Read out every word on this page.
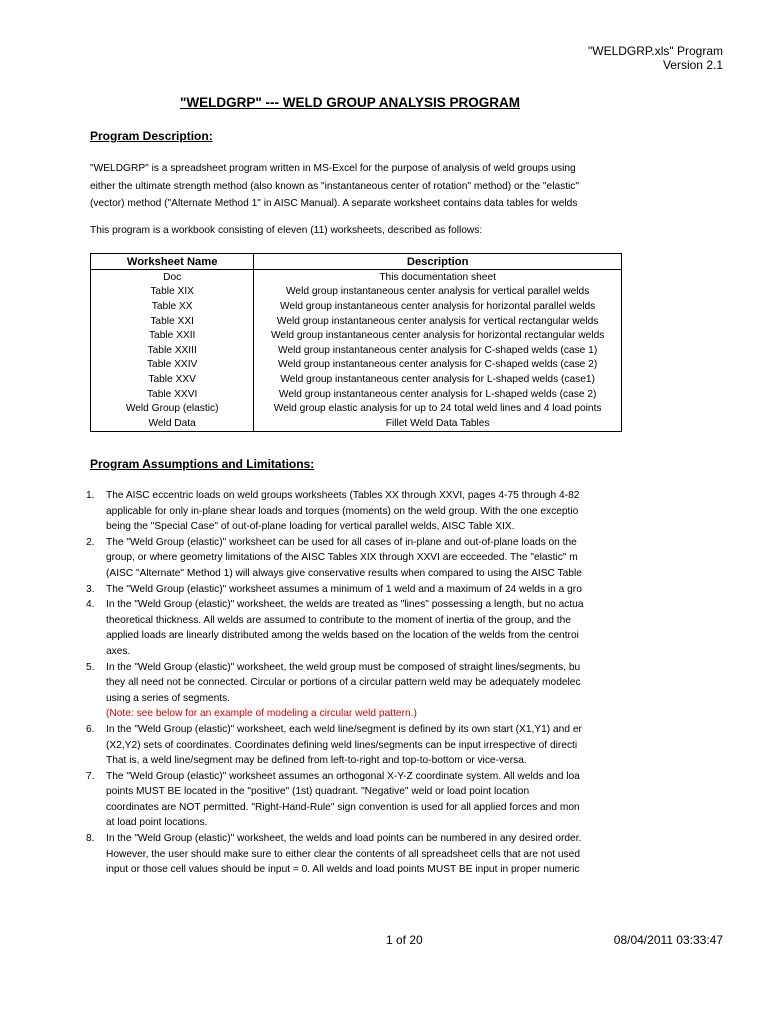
"WELDGRP.xls" Program
Version 2.1
"WELDGRP" --- WELD GROUP ANALYSIS PROGRAM
Program Description:
"WELDGRP" is a spreadsheet program written in MS-Excel for the purpose of analysis of weld groups using
either the ultimate strength method (also known as "instantaneous center of rotation" method) or the "elastic"
(vector) method ("Alternate Method 1" in AISC Manual). A separate worksheet contains data tables for welds
This program is a workbook consisting of eleven (11) worksheets, described as follows:
Worksheet Name	Description
Doc	This documentation sheet
Table XIX	Weld group instantaneous center analysis for vertical parallel welds
Table XX	Weld group instantaneous center analysis for horizontal parallel welds
Table XXI	Weld group instantaneous center analysis for vertical rectangular welds
Table XXII	Weld group instantaneous center analysis for horizontal rectangular welds
Table XXIII	Weld group instantaneous center analysis for C-shaped welds (case 1)
Table XXIV	Weld group instantaneous center analysis for C-shaped welds (case 2)
Table XXV	Weld group instantaneous center analysis for L-shaped welds (case1)
Table XXVI	Weld group instantaneous center analysis for L-shaped welds (case 2)
Weld Group (elastic)	Weld group elastic analysis for up to 24 total weld lines and 4 load points
Weld Data	Fillet Weld Data Tables
Program Assumptions and Limitations:
1. The AISC eccentric loads on weld groups worksheets (Tables XX through XXVI, pages 4-75 through 4-82
applicable for only in-plane shear loads and torques (moments) on the weld group. With the one exceptio
being the "Special Case" of out-of-plane loading for vertical parallel welds, AISC Table XIX.
2. The "Weld Group (elastic)" worksheet can be used for all cases of in-plane and out-of-plane loads on the
group, or where geometry limitations of the AISC Tables XIX through XXVI are ecceeded. The "elastic" m
(AISC "Alternate" Method 1) will always give conservative results when compared to using the AISC Table
3. The "Weld Group (elastic)" worksheet assumes a minimum of 1 weld and a maximum of 24 welds in a gro
4. In the "Weld Group (elastic)" worksheet, the welds are treated as "lines" possessing a length, but no actua
theoretical thickness. All welds are assumed to contribute to the moment of inertia of the group, and the
applied loads are linearly distributed among the welds based on the location of the welds from the centroi
axes.
5. In the "Weld Group (elastic)" worksheet, the weld group must be composed of straight lines/segments, bu
they all need not be connected. Circular or portions of a circular pattern weld may be adequately modelec
using a series of segments.
(Note: see below for an example of modeling a circular weld pattern.)
6. In the "Weld Group (elastic)" worksheet, each weld line/segment is defined by its own start (X1,Y1) and er
(X2,Y2) sets of coordinates. Coordinates defining weld lines/segments can be input irrespective of directi
That is, a weld line/segment may be defined from left-to-right and top-to-bottom or vice-versa.
7. The "Weld Group (elastic)" worksheet assumes an orthogonal X-Y-Z coordinate system. All welds and loa
points MUST BE located in the "positive" (1st) quadrant. "Negative" weld or load point location
coordinates are NOT permitted. "Right-Hand-Rule" sign convention is used for all applied forces and mon
at load point locations.
8. In the "Weld Group (elastic)" worksheet, the welds and load points can be numbered in any desired order.
However, the user should make sure to either clear the contents of all spreadsheet cells that are not used
input or those cell values should be input = 0. All welds and load points MUST BE input in proper numeric
1 of 20	08/04/2011 03:33:47
